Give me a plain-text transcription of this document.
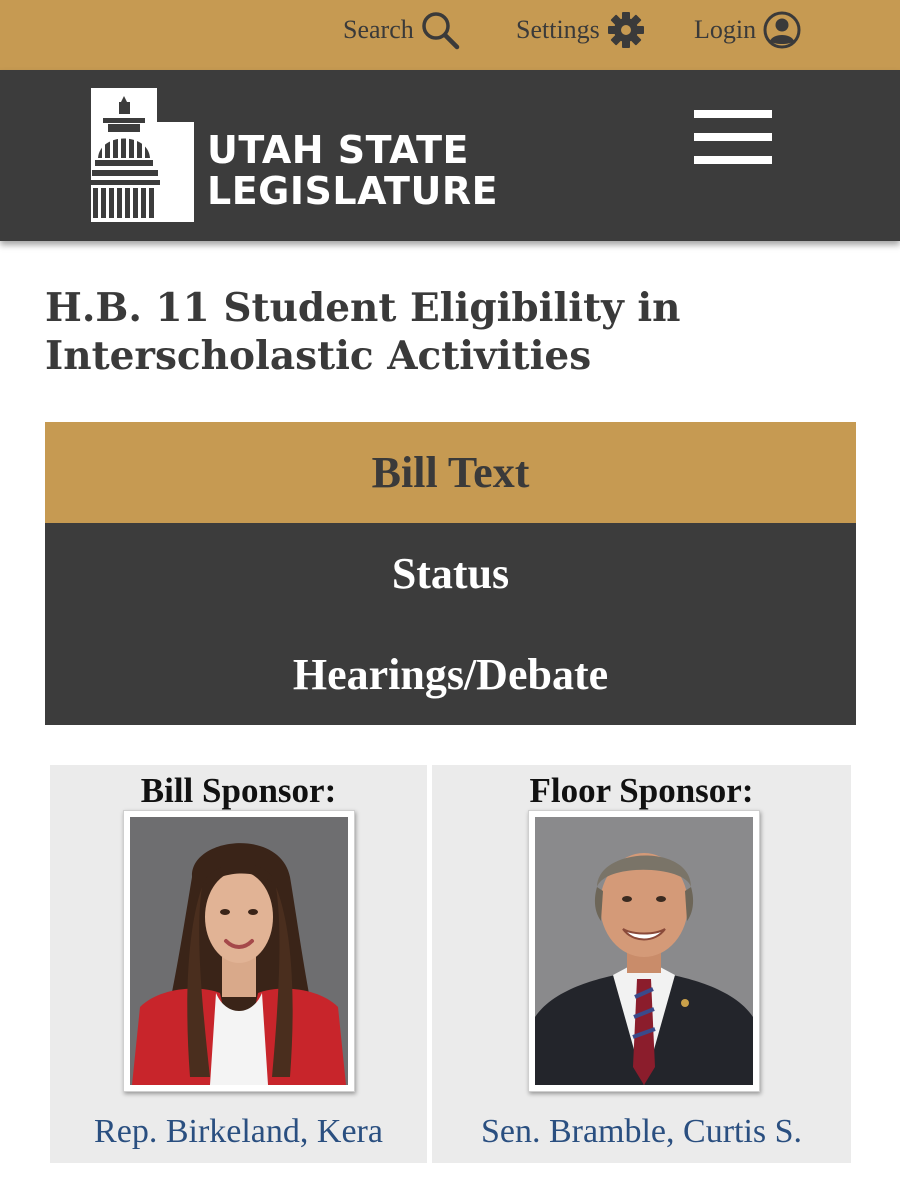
Search	Settings	Login
UTAH STATE
LEGISLATURE
H.B. 11 Student Eligibility in
Interscholastic Activities
Bill Text
Status
Hearings/Debate
Bill Sponsor:
Rep. Birkeland, Kera
Floor Sponsor:
Sen. Bramble, Curtis S.
